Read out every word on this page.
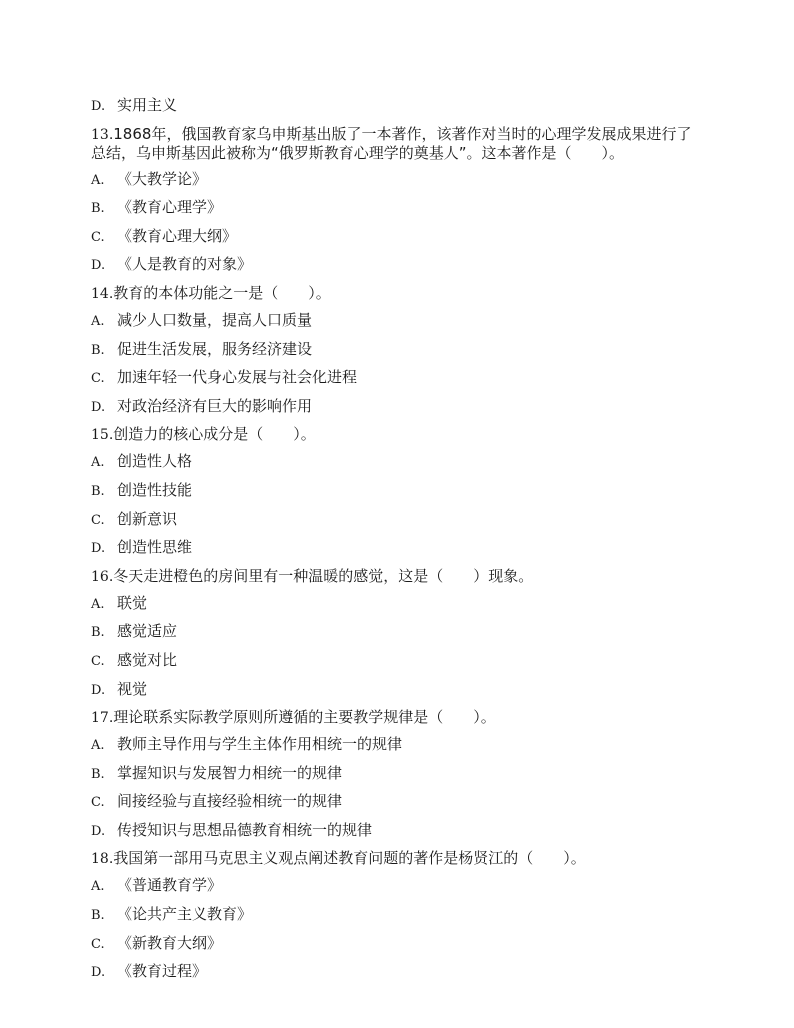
D. 实用主义
13.1868年，俄国教育家乌申斯基出版了一本著作，该著作对当时的心理学发展成果进行了总结，乌申斯基因此被称为“俄罗斯教育心理学的奠基人”。这本著作是（　　）。
A. 《大教学论》
B. 《教育心理学》
C. 《教育心理大纲》
D. 《人是教育的对象》
14.教育的本体功能之一是（　　）。
A. 减少人口数量，提高人口质量
B. 促进生活发展，服务经济建设
C. 加速年轻一代身心发展与社会化进程
D. 对政治经济有巨大的影响作用
15.创造力的核心成分是（　　）。
A. 创造性人格
B. 创造性技能
C. 创新意识
D. 创造性思维
16.冬天走进橙色的房间里有一种温暖的感觉，这是（　　）现象。
A. 联觉
B. 感觉适应
C. 感觉对比
D. 视觉
17.理论联系实际教学原则所遵循的主要教学规律是（　　）。
A. 教师主导作用与学生主体作用相统一的规律
B. 掌握知识与发展智力相统一的规律
C. 间接经验与直接经验相统一的规律
D. 传授知识与思想品德教育相统一的规律
18.我国第一部用马克思主义观点阐述教育问题的著作是杨贤江的（　　）。
A. 《普通教育学》
B. 《论共产主义教育》
C. 《新教育大纲》
D. 《教育过程》
